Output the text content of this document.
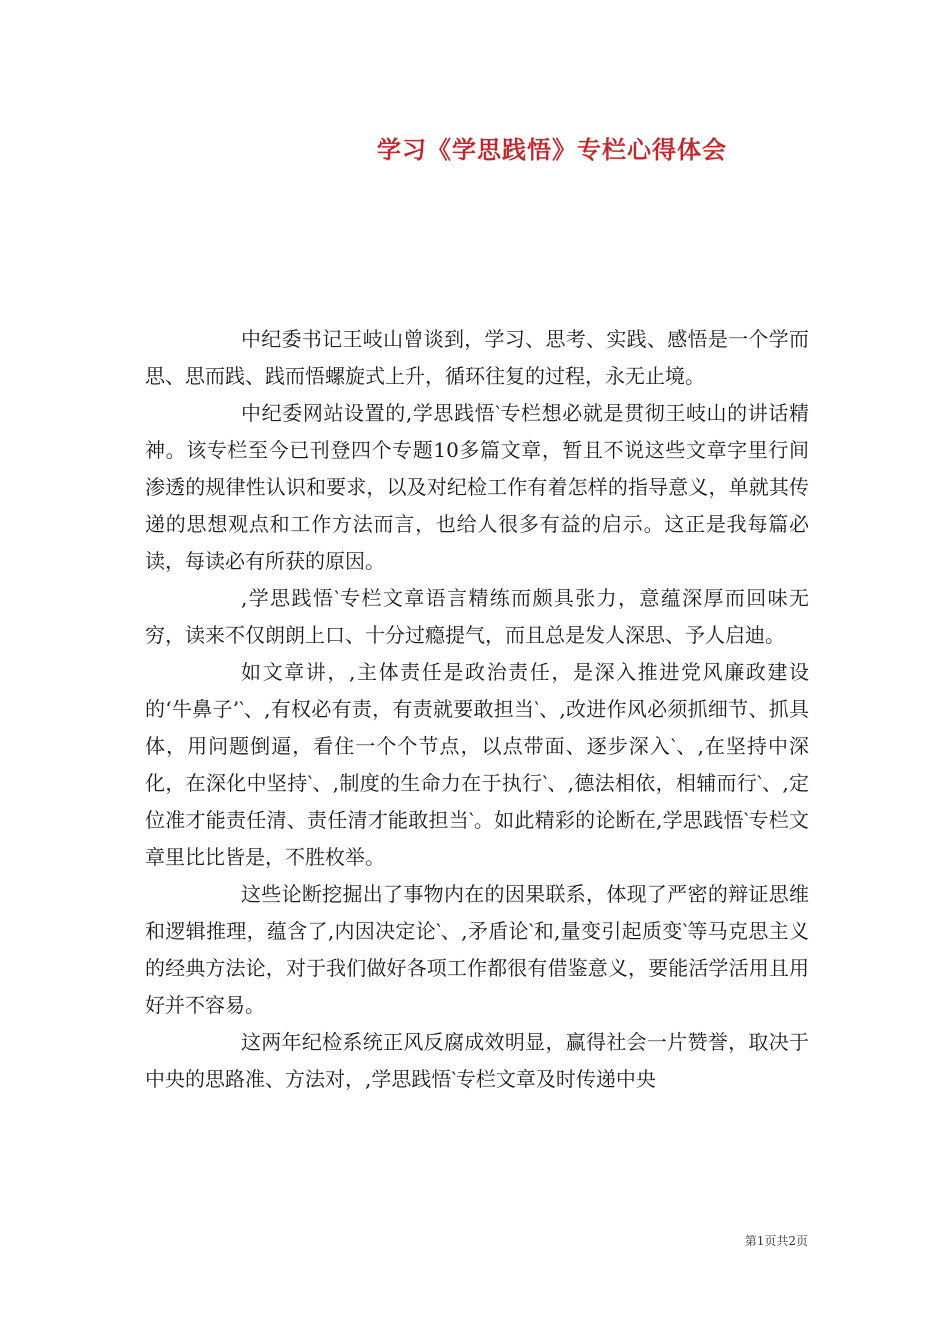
学习《学思践悟》专栏心得体会

中纪委书记王岐山曾谈到，学习、思考、实践、感悟是一个学而思、思而践、践而悟螺旋式上升，循环往复的过程，永无止境。

中纪委网站设置的,学思践悟‵专栏想必就是贯彻王岐山的讲话精神。该专栏至今已刊登四个专题10多篇文章，暂且不说这些文章字里行间渗透的规律性认识和要求，以及对纪检工作有着怎样的指导意义，单就其传递的思想观点和工作方法而言，也给人很多有益的启示。这正是我每篇必读，每读必有所获的原因。

,学思践悟‵专栏文章语言精练而颇具张力，意蕴深厚而回味无穷，读来不仅朗朗上口、十分过瘾提气，而且总是发人深思、予人启迪。

如文章讲，,主体责任是政治责任，是深入推进党风廉政建设的‘牛鼻子’‵、,有权必有责，有责就要敢担当‵、,改进作风必须抓细节、抓具体，用问题倒逼，看住一个个节点，以点带面、逐步深入‵、,在坚持中深化，在深化中坚持‵、,制度的生命力在于执行‵、,德法相依，相辅而行‵、,定位准才能责任清、责任清才能敢担当‵。如此精彩的论断在,学思践悟‵专栏文章里比比皆是，不胜枚举。

这些论断挖掘出了事物内在的因果联系，体现了严密的辩证思维和逻辑推理，蕴含了,内因决定论‵、,矛盾论‵和,量变引起质变‵等马克思主义的经典方法论，对于我们做好各项工作都很有借鉴意义，要能活学活用且用好并不容易。

这两年纪检系统正风反腐成效明显，赢得社会一片赞誉，取决于中央的思路准、方法对，,学思践悟‵专栏文章及时传递中央

第1页共2页
